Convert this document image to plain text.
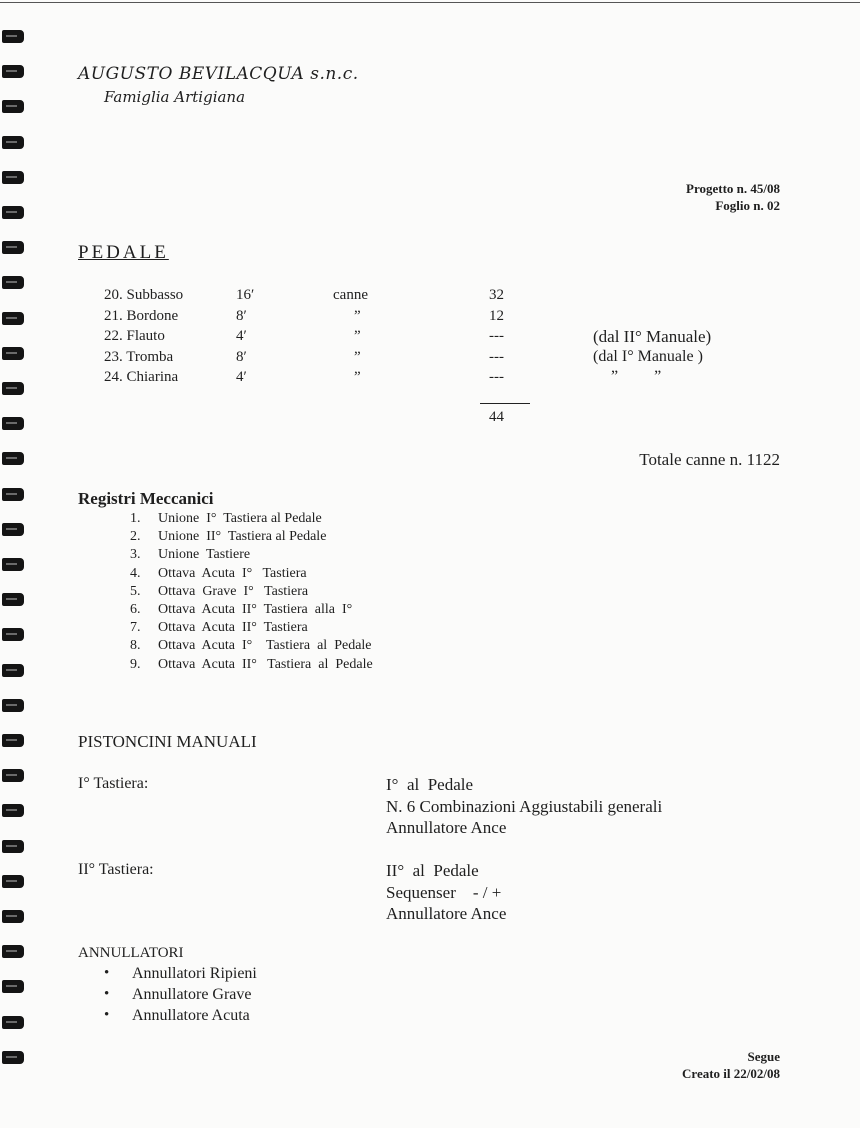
AUGUSTO BEVILACQUA s.n.c.
Famiglia Artigiana
Progetto n. 45/08
Foglio n. 02
PEDALE
20. Subbasso	16′	canne	32
21. Bordone	8′	”	12
22. Flauto	4′	”	---	(dal II° Manuale)
23. Tromba	8′	”	---	(dal I° Manuale )
24. Chiarina	4′	”	---	”         ”
44
Totale canne n. 1122
Registri Meccanici
1. Unione  I°  Tastiera al Pedale
2. Unione  II°  Tastiera al Pedale
3. Unione  Tastiere
4. Ottava  Acuta  I°   Tastiera
5. Ottava  Grave  I°   Tastiera
6. Ottava  Acuta  II°  Tastiera  alla  I°
7. Ottava  Acuta  II°  Tastiera
8. Ottava  Acuta  I°    Tastiera  al  Pedale
9. Ottava  Acuta  II°   Tastiera  al  Pedale
PISTONCINI MANUALI
I° Tastiera:	I°  al  Pedale
N. 6 Combinazioni Aggiustabili generali
Annullatore Ance
II° Tastiera:	II°  al  Pedale
Sequenser    - / +
Annullatore Ance
ANNULLATORI
• Annullatori Ripieni
• Annullatore Grave
• Annullatore Acuta
Segue
Creato il 22/02/08
